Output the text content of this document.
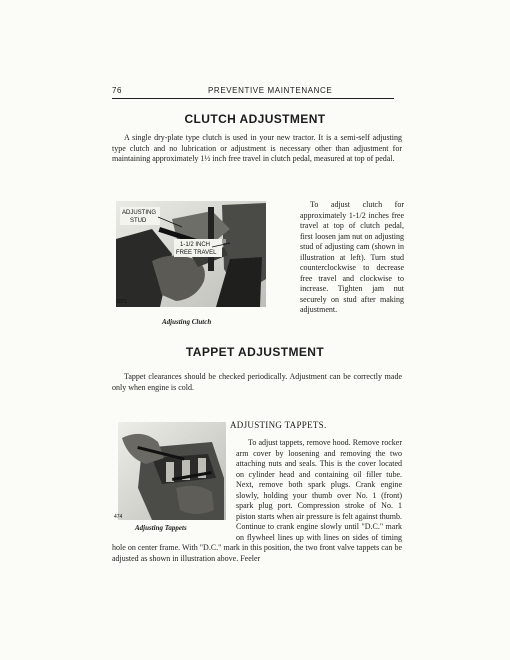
76	PREVENTIVE MAINTENANCE
CLUTCH ADJUSTMENT

A single dry-plate type clutch is used in your new tractor. It is a semi-self adjusting type clutch and no lubrication or adjustment is necessary other than adjustment for maintaining approximately 1½ inch free travel in clutch pedal, measured at top of pedal.

ADJUSTING
STUD
1-1/2 INCH
FREE TRAVEL
2071

To adjust clutch for approximately 1-1/2 inches free travel at top of clutch pedal, first loosen jam nut on adjusting stud of adjusting cam (shown in illustration at left). Turn stud counterclockwise to decrease free travel and clockwise to increase. Tighten jam nut securely on stud after making adjustment.

Adjusting Clutch

TAPPET ADJUSTMENT

Tappet clearances should be checked periodically. Adjustment can be correctly made only when engine is cold.

ADJUSTING TAPPETS.

474

Adjusting Tappets

To adjust tappets, remove hood. Remove rocker arm cover by loosening and removing the two attaching nuts and seals. This is the cover located on cylinder head and containing oil filler tube. Next, remove both spark plugs. Crank engine slowly, holding your thumb over No. 1 (front) spark plug port. Compression stroke of No. 1 piston starts when air pressure is felt against thumb. Continue to crank engine slowly until "D.C." mark on flywheel lines up with lines on sides of timing hole on center frame. With "D.C." mark in this position, the two front valve tappets can be adjusted as shown in illustration above. Feeler
